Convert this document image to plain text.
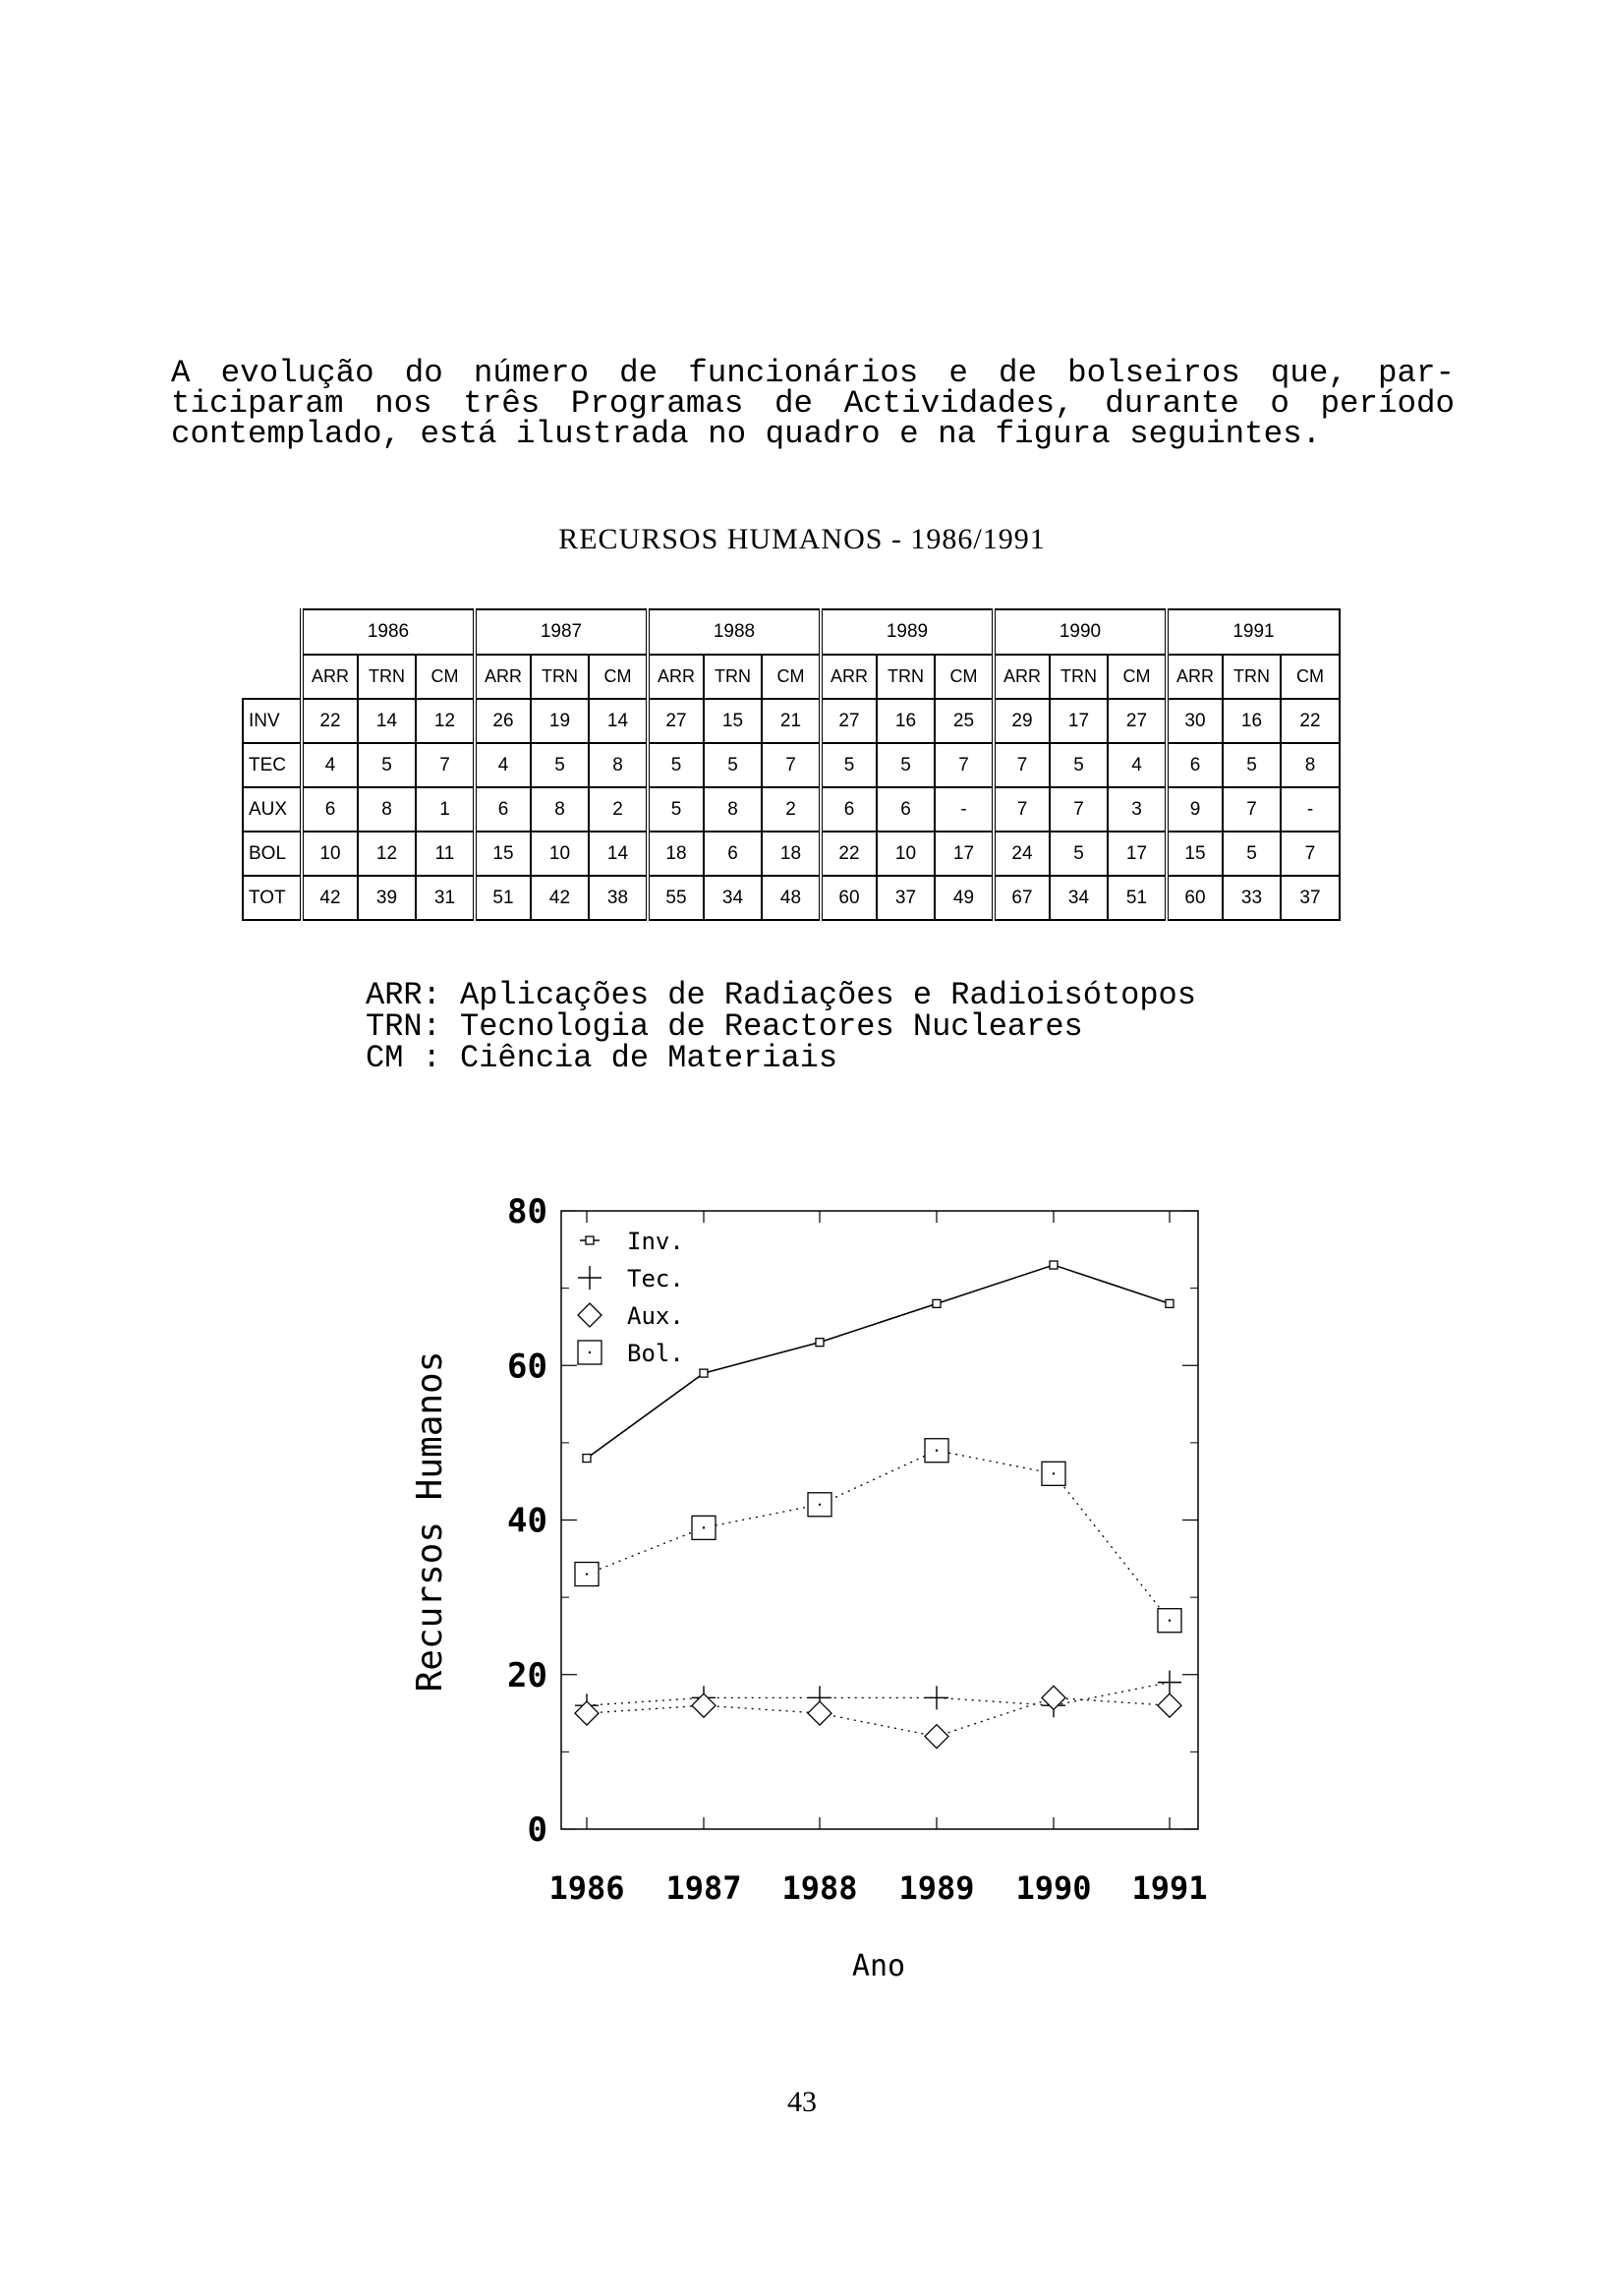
A evolução do número de funcionários e de bolseiros que, par-
ticiparam nos três Programas de Actividades, durante o período
contemplado, está ilustrada no quadro e na figura seguintes.
RECURSOS HUMANOS - 1986/1991
	1986			1987			1988			1989			1990			1991		
	ARR	TRN	CM	ARR	TRN	CM	ARR	TRN	CM	ARR	TRN	CM	ARR	TRN	CM	ARR	TRN	CM
INV	22	14	12	26	19	14	27	15	21	27	16	25	29	17	27	30	16	22
TEC	4	5	7	4	5	8	5	5	7	5	5	7	7	5	4	6	5	8
AUX	6	8	1	6	8	2	5	8	2	6	6	-	7	7	3	9	7	-
BOL	10	12	11	15	10	14	18	6	18	22	10	17	24	5	17	15	5	7
TOT	42	39	31	51	42	38	55	34	48	60	37	49	67	34	51	60	33	37
ARR: Aplicações de Radiações e Radioisótopos
TRN: Tecnologia de Reactores Nucleares
CM : Ciência de Materiais
0
20
40
60
80
1986 1987 1988 1989 1990 1991
Ano
Recursos Humanos
Inv.
Tec.
Aux.
Bol.
43
